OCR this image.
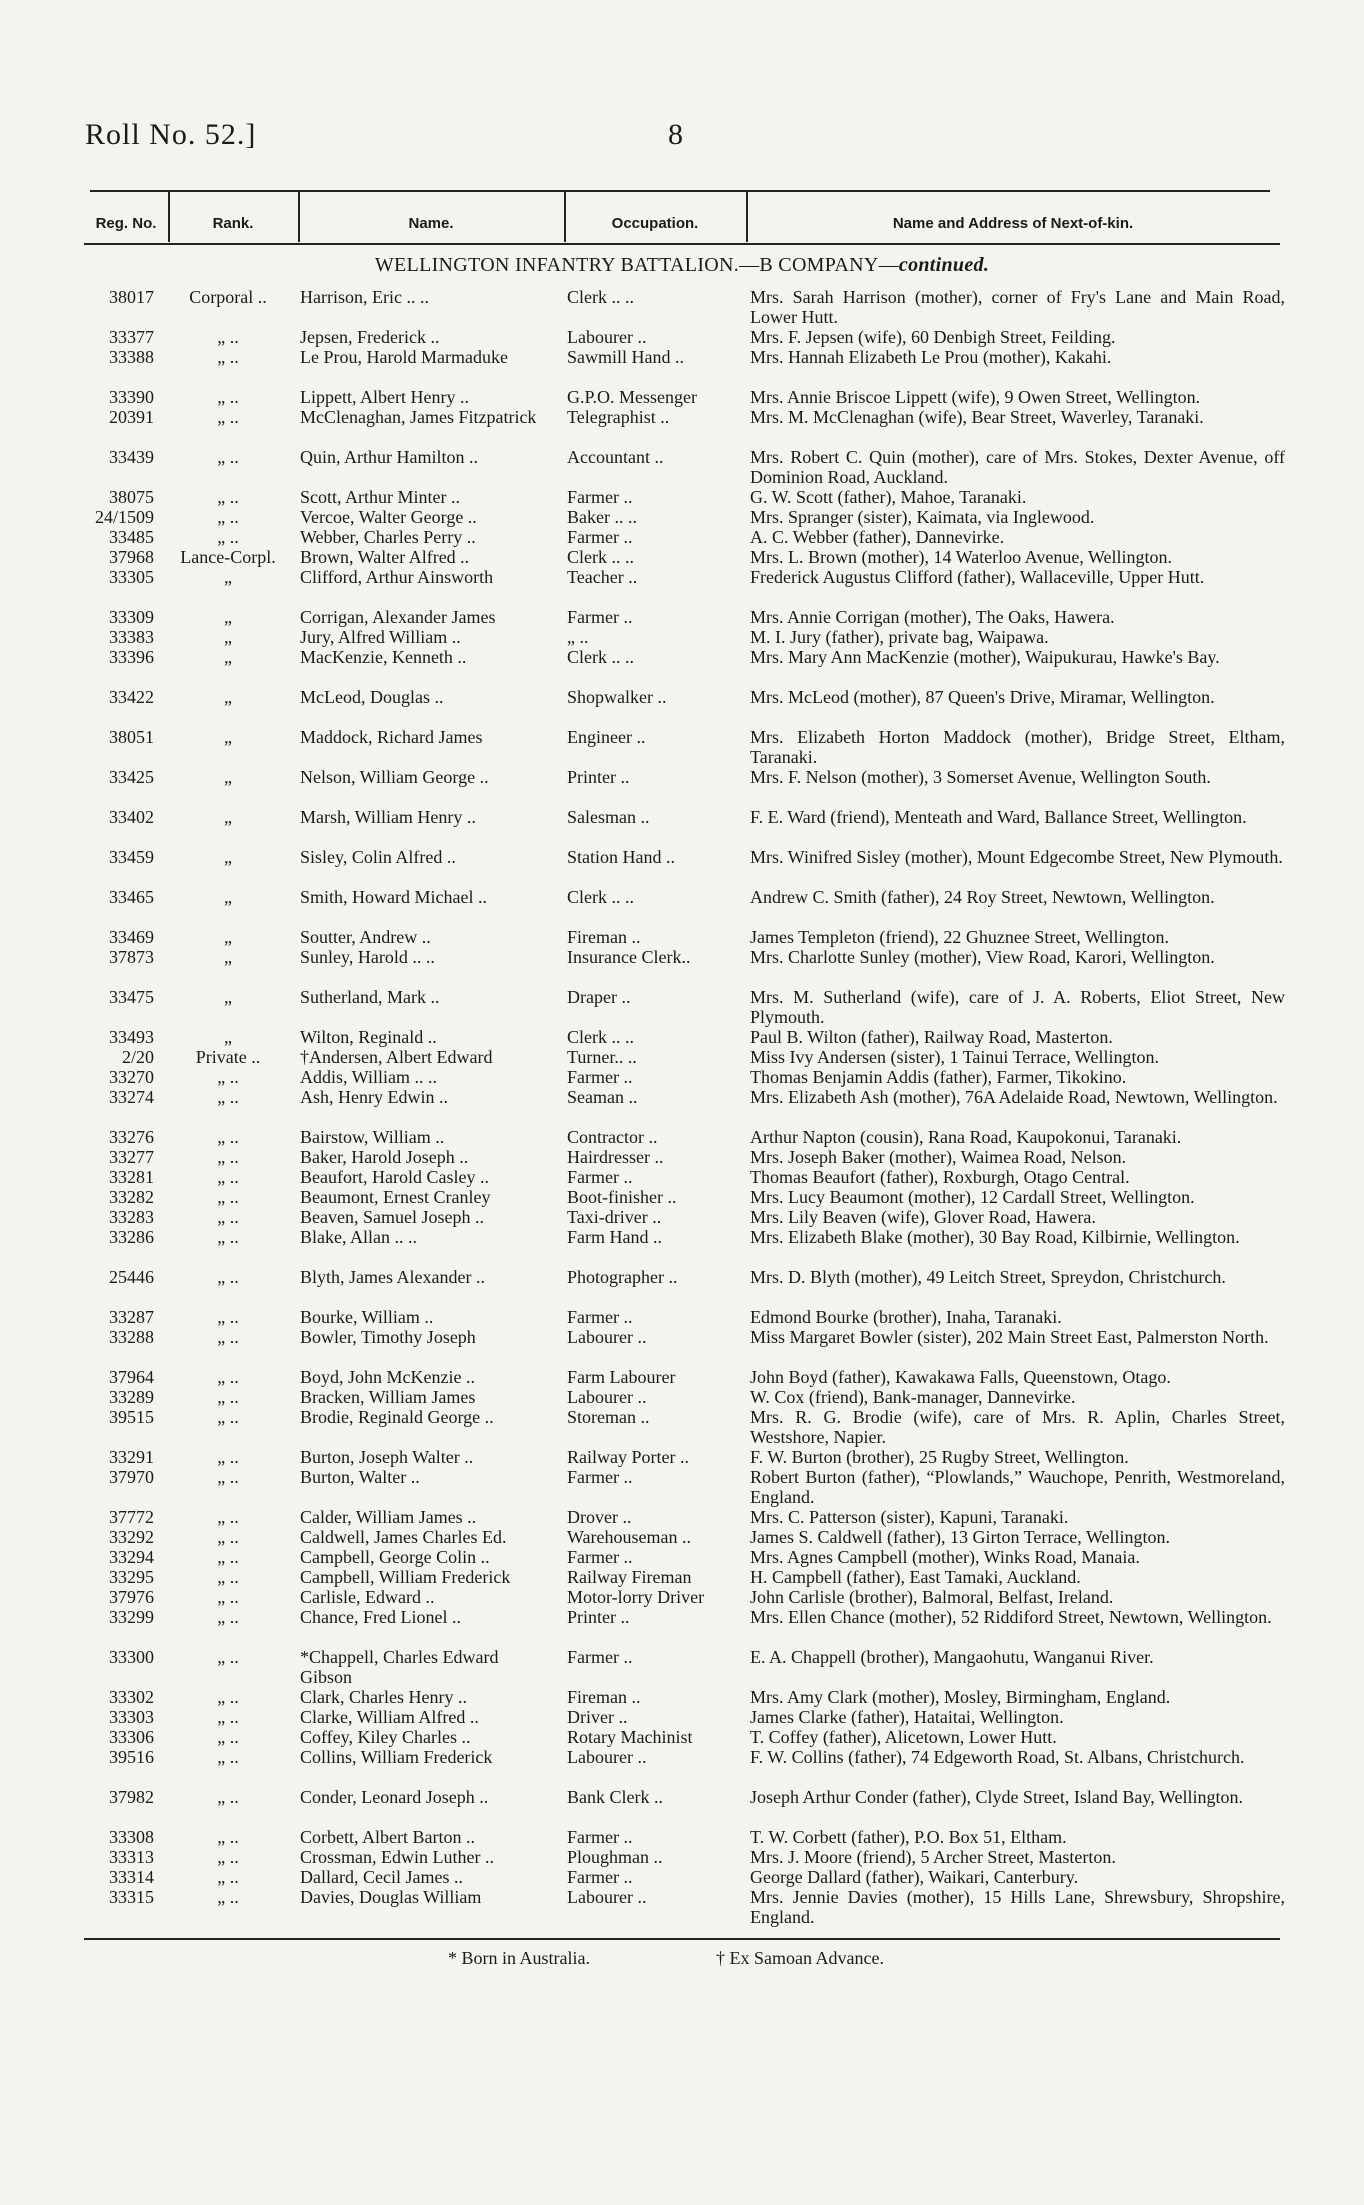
Roll No. 52.]	8
Reg. No.	Rank.	Name.	Occupation.	Name and Address of Next-of-kin.
WELLINGTON INFANTRY BATTALION.—B COMPANY—continued.
38017	Corporal ..	Harrison, Eric .. ..	Clerk .. ..	Mrs. Sarah Harrison (mother), corner of Fry's Lane and Main Road, Lower Hutt.
33377	„ ..	Jepsen, Frederick ..	Labourer ..	Mrs. F. Jepsen (wife), 60 Denbigh Street, Feilding.
33388	„ ..	Le Prou, Harold Marmaduke	Sawmill Hand ..	Mrs. Hannah Elizabeth Le Prou (mother), Kakahi.
33390	„ ..	Lippett, Albert Henry ..	G.P.O. Messenger	Mrs. Annie Briscoe Lippett (wife), 9 Owen Street, Wellington.
20391	„ ..	McClenaghan, James Fitzpatrick	Telegraphist ..	Mrs. M. McClenaghan (wife), Bear Street, Waverley, Taranaki.
33439	„ ..	Quin, Arthur Hamilton ..	Accountant ..	Mrs. Robert C. Quin (mother), care of Mrs. Stokes, Dexter Avenue, off Dominion Road, Auckland.
38075	„ ..	Scott, Arthur Minter ..	Farmer ..	G. W. Scott (father), Mahoe, Taranaki.
24/1509	„ ..	Vercoe, Walter George ..	Baker .. ..	Mrs. Spranger (sister), Kaimata, via Inglewood.
33485	„ ..	Webber, Charles Perry ..	Farmer ..	A. C. Webber (father), Dannevirke.
37968	Lance-Corpl.	Brown, Walter Alfred ..	Clerk .. ..	Mrs. L. Brown (mother), 14 Waterloo Avenue, Wellington.
33305	„	Clifford, Arthur Ainsworth	Teacher ..	Frederick Augustus Clifford (father), Wallaceville, Upper Hutt.
33309	„	Corrigan, Alexander James	Farmer ..	Mrs. Annie Corrigan (mother), The Oaks, Hawera.
33383	„	Jury, Alfred William ..	„ ..	M. I. Jury (father), private bag, Waipawa.
33396	„	MacKenzie, Kenneth ..	Clerk .. ..	Mrs. Mary Ann MacKenzie (mother), Waipukurau, Hawke's Bay.
33422	„	McLeod, Douglas ..	Shopwalker ..	Mrs. McLeod (mother), 87 Queen's Drive, Miramar, Wellington.
38051	„	Maddock, Richard James	Engineer ..	Mrs. Elizabeth Horton Maddock (mother), Bridge Street, Eltham, Taranaki.
33425	„	Nelson, William George ..	Printer ..	Mrs. F. Nelson (mother), 3 Somerset Avenue, Wellington South.
33402	„	Marsh, William Henry ..	Salesman ..	F. E. Ward (friend), Menteath and Ward, Ballance Street, Wellington.
33459	„	Sisley, Colin Alfred ..	Station Hand ..	Mrs. Winifred Sisley (mother), Mount Edgecombe Street, New Plymouth.
33465	„	Smith, Howard Michael ..	Clerk .. ..	Andrew C. Smith (father), 24 Roy Street, Newtown, Wellington.
33469	„	Soutter, Andrew ..	Fireman ..	James Templeton (friend), 22 Ghuznee Street, Wellington.
37873	„	Sunley, Harold .. ..	Insurance Clerk..	Mrs. Charlotte Sunley (mother), View Road, Karori, Wellington.
33475	„	Sutherland, Mark ..	Draper ..	Mrs. M. Sutherland (wife), care of J. A. Roberts, Eliot Street, New Plymouth.
33493	„	Wilton, Reginald ..	Clerk .. ..	Paul B. Wilton (father), Railway Road, Masterton.
2/20	Private ..	†Andersen, Albert Edward	Turner.. ..	Miss Ivy Andersen (sister), 1 Tainui Terrace, Wellington.
33270	„ ..	Addis, William .. ..	Farmer ..	Thomas Benjamin Addis (father), Farmer, Tikokino.
33274	„ ..	Ash, Henry Edwin ..	Seaman ..	Mrs. Elizabeth Ash (mother), 76A Adelaide Road, Newtown, Wellington.
33276	„ ..	Bairstow, William ..	Contractor ..	Arthur Napton (cousin), Rana Road, Kaupokonui, Taranaki.
33277	„ ..	Baker, Harold Joseph ..	Hairdresser ..	Mrs. Joseph Baker (mother), Waimea Road, Nelson.
33281	„ ..	Beaufort, Harold Casley ..	Farmer ..	Thomas Beaufort (father), Roxburgh, Otago Central.
33282	„ ..	Beaumont, Ernest Cranley	Boot-finisher ..	Mrs. Lucy Beaumont (mother), 12 Cardall Street, Wellington.
33283	„ ..	Beaven, Samuel Joseph ..	Taxi-driver ..	Mrs. Lily Beaven (wife), Glover Road, Hawera.
33286	„ ..	Blake, Allan .. ..	Farm Hand ..	Mrs. Elizabeth Blake (mother), 30 Bay Road, Kilbirnie, Wellington.
25446	„ ..	Blyth, James Alexander ..	Photographer ..	Mrs. D. Blyth (mother), 49 Leitch Street, Spreydon, Christchurch.
33287	„ ..	Bourke, William ..	Farmer ..	Edmond Bourke (brother), Inaha, Taranaki.
33288	„ ..	Bowler, Timothy Joseph	Labourer ..	Miss Margaret Bowler (sister), 202 Main Street East, Palmerston North.
37964	„ ..	Boyd, John McKenzie ..	Farm Labourer	John Boyd (father), Kawakawa Falls, Queenstown, Otago.
33289	„ ..	Bracken, William James	Labourer ..	W. Cox (friend), Bank-manager, Dannevirke.
39515	„ ..	Brodie, Reginald George ..	Storeman ..	Mrs. R. G. Brodie (wife), care of Mrs. R. Aplin, Charles Street, Westshore, Napier.
33291	„ ..	Burton, Joseph Walter ..	Railway Porter ..	F. W. Burton (brother), 25 Rugby Street, Wellington.
37970	„ ..	Burton, Walter ..	Farmer ..	Robert Burton (father), “Plowlands,” Wauchope, Penrith, Westmoreland, England.
37772	„ ..	Calder, William James ..	Drover ..	Mrs. C. Patterson (sister), Kapuni, Taranaki.
33292	„ ..	Caldwell, James Charles Ed.	Warehouseman ..	James S. Caldwell (father), 13 Girton Terrace, Wellington.
33294	„ ..	Campbell, George Colin ..	Farmer ..	Mrs. Agnes Campbell (mother), Winks Road, Manaia.
33295	„ ..	Campbell, William Frederick	Railway Fireman	H. Campbell (father), East Tamaki, Auckland.
37976	„ ..	Carlisle, Edward ..	Motor-lorry Driver	John Carlisle (brother), Balmoral, Belfast, Ireland.
33299	„ ..	Chance, Fred Lionel ..	Printer ..	Mrs. Ellen Chance (mother), 52 Riddiford Street, Newtown, Wellington.
33300	„ ..	*Chappell, Charles Edward Gibson
Farmer ..	E. A. Chappell (brother), Mangaohutu, Wanganui River.
33302	„ ..	Clark, Charles Henry ..	Fireman ..	Mrs. Amy Clark (mother), Mosley, Birmingham, England.
33303	„ ..	Clarke, William Alfred ..	Driver ..	James Clarke (father), Hataitai, Wellington.
33306	„ ..	Coffey, Kiley Charles ..	Rotary Machinist	T. Coffey (father), Alicetown, Lower Hutt.
39516	„ ..	Collins, William Frederick	Labourer ..	F. W. Collins (father), 74 Edgeworth Road, St. Albans, Christchurch.
37982	„ ..	Conder, Leonard Joseph ..	Bank Clerk ..	Joseph Arthur Conder (father), Clyde Street, Island Bay, Wellington.
33308	„ ..	Corbett, Albert Barton ..	Farmer ..	T. W. Corbett (father), P.O. Box 51, Eltham.
33313	„ ..	Crossman, Edwin Luther ..	Ploughman ..	Mrs. J. Moore (friend), 5 Archer Street, Masterton.
33314	„ ..	Dallard, Cecil James ..	Farmer ..	George Dallard (father), Waikari, Canterbury.
33315	„ ..	Davies, Douglas William	Labourer ..	Mrs. Jennie Davies (mother), 15 Hills Lane, Shrewsbury, Shropshire, England.
* Born in Australia.	† Ex Samoan Advance.
